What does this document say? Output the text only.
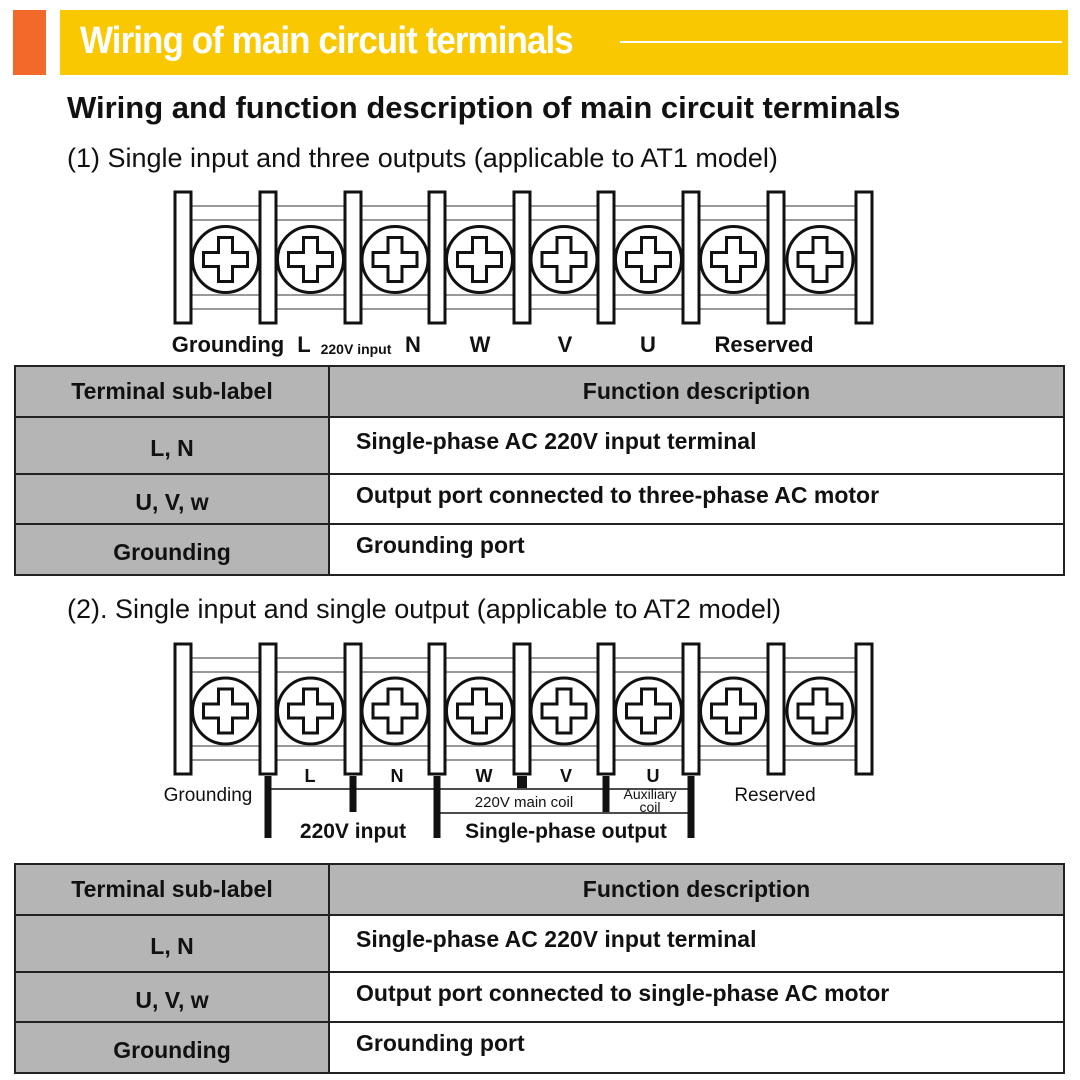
Wiring of main circuit terminals
Wiring and function description of main circuit terminals
(1) Single input and three outputs (applicable to AT1 model)
Grounding L 220V input N W	V	U	Reserved
Terminal sub-label	Function description
L, N	Single-phase AC 220V input terminal
U, V, w	Output port connected to three-phase AC motor
Grounding	Grounding port
(2). Single input and single output (applicable to AT2 model)
L	N	W	V	U
Grounding	Reserved
220V main coil	Auxiliary
coil
220V input	Single-phase output
Terminal sub-label	Function description
L, N	Single-phase AC 220V input terminal
U, V, w	Output port connected to single-phase AC motor
Grounding	Grounding port
